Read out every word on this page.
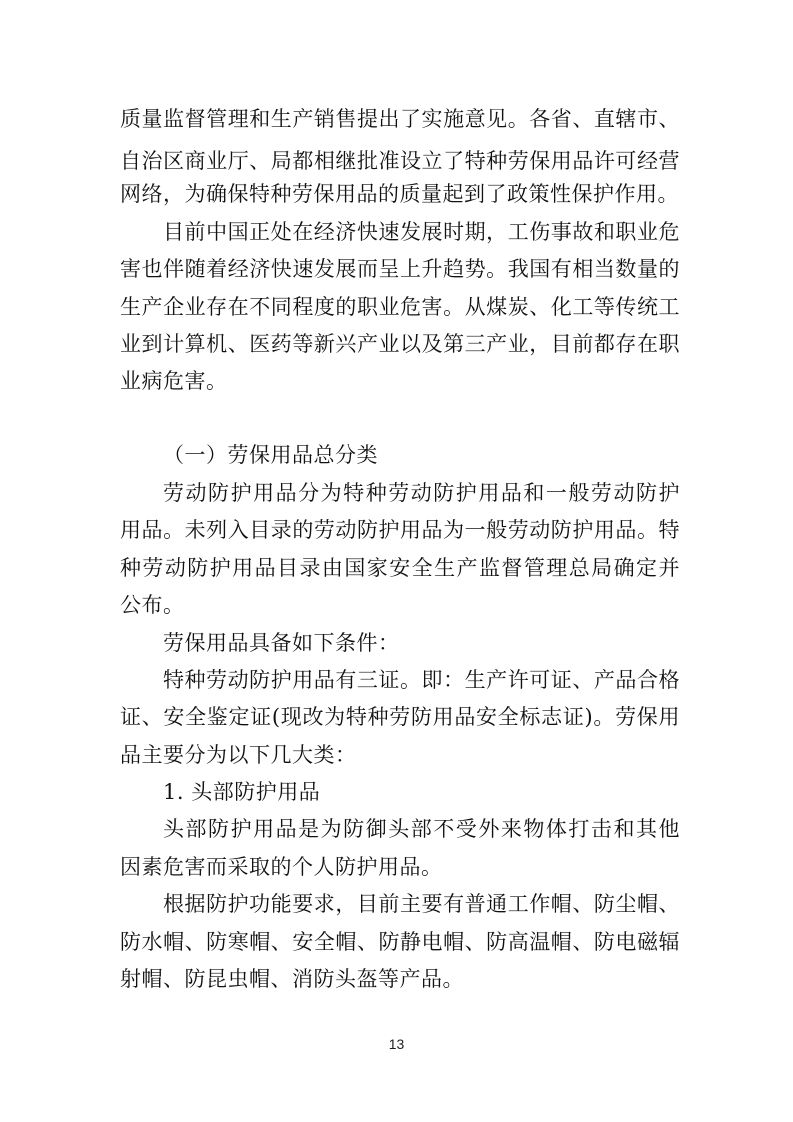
质量监督管理和生产销售提出了实施意见。各省、直辖市、
自治区商业厅、局都相继批准设立了特种劳保用品许可经营
网络，为确保特种劳保用品的质量起到了政策性保护作用。
目前中国正处在经济快速发展时期，工伤事故和职业危
害也伴随着经济快速发展而呈上升趋势。我国有相当数量的
生产企业存在不同程度的职业危害。从煤炭、化工等传统工
业到计算机、医药等新兴产业以及第三产业，目前都存在职
业病危害。
（一）劳保用品总分类
劳动防护用品分为特种劳动防护用品和一般劳动防护
用品。未列入目录的劳动防护用品为一般劳动防护用品。特
种劳动防护用品目录由国家安全生产监督管理总局确定并
公布。
劳保用品具备如下条件：
特种劳动防护用品有三证。即：生产许可证、产品合格
证、安全鉴定证(现改为特种劳防用品安全标志证)。劳保用
品主要分为以下几大类：
1. 头部防护用品
头部防护用品是为防御头部不受外来物体打击和其他
因素危害而采取的个人防护用品。
根据防护功能要求，目前主要有普通工作帽、防尘帽、
防水帽、防寒帽、安全帽、防静电帽、防高温帽、防电磁辐
射帽、防昆虫帽、消防头盔等产品。
13
